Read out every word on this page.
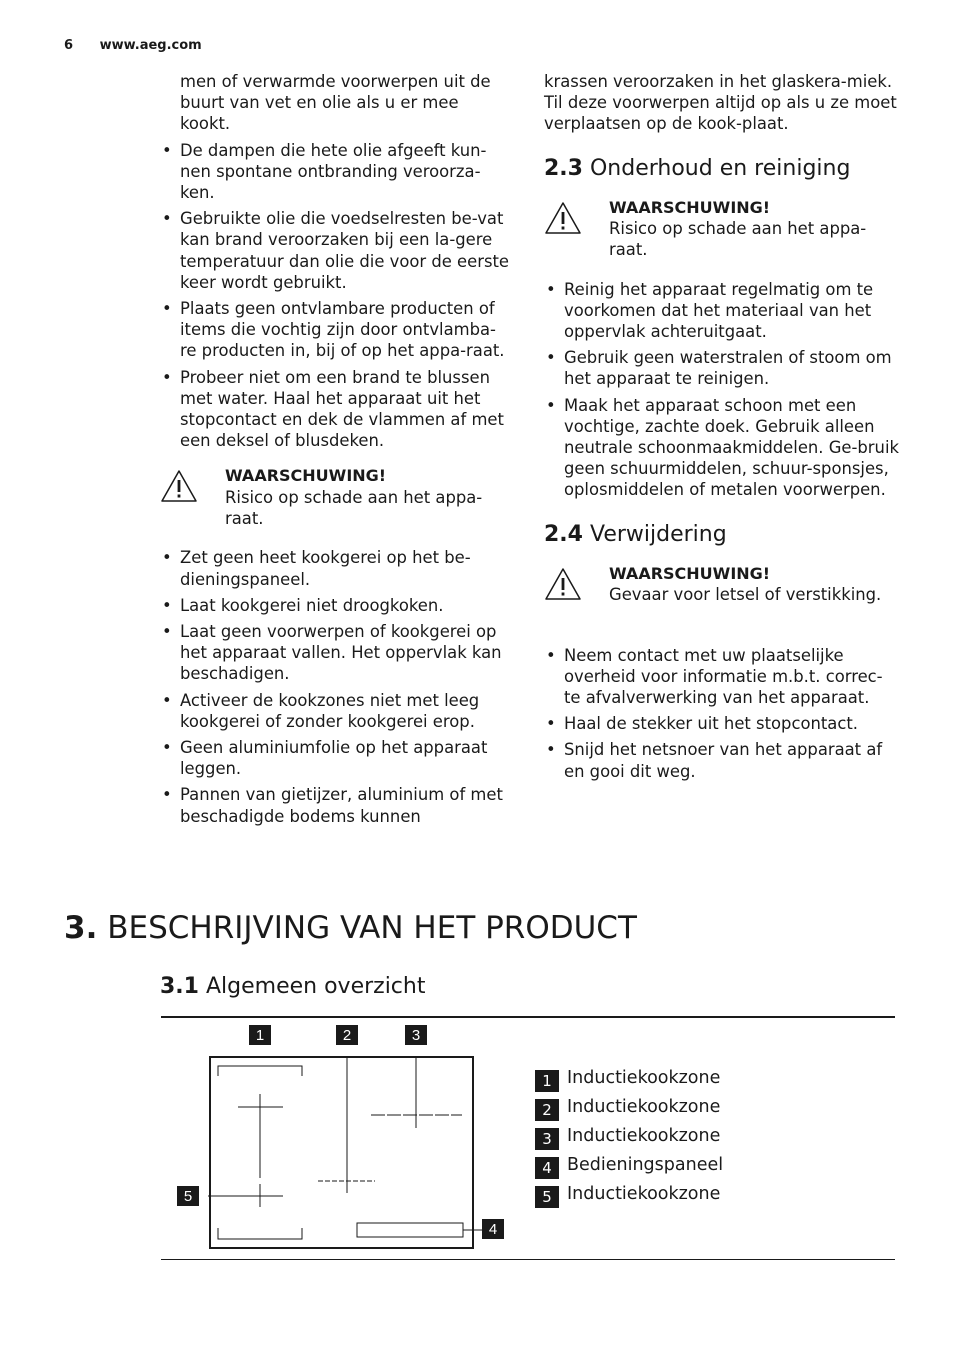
6 www.aeg.com

men of verwarmde voorwerpen uit de buurt van vet en olie als u er mee kookt.

• De dampen die hete olie afgeeft kun-nen spontane ontbranding veroorza-ken.
• Gebruikte olie die voedselresten be-vat kan brand veroorzaken bij een la-gere temperatuur dan olie die voor de eerste keer wordt gebruikt.
• Plaats geen ontvlambare producten of items die vochtig zijn door ontvlamba-re producten in, bij of op het appa-raat.
• Probeer niet om een brand te blussen met water. Haal het apparaat uit het stopcontact en dek de vlammen af met een deksel of blusdeken.
WAARSCHUWING!
Risico op schade aan het appa-raat.
• Zet geen heet kookgerei op het be-dieningspaneel.
• Laat kookgerei niet droogkoken.
• Laat geen voorwerpen of kookgerei op het apparaat vallen. Het oppervlak kan beschadigen.
• Activeer de kookzones niet met leeg kookgerei of zonder kookgerei erop.
• Geen aluminiumfolie op het apparaat leggen.
• Pannen van gietijzer, aluminium of met beschadigde bodems kunnen

krassen veroorzaken in het glaskera-miek. Til deze voorwerpen altijd op als u ze moet verplaatsen op de kook-plaat.

2.3 Onderhoud en reiniging
WAARSCHUWING!
Risico op schade aan het appa-raat.
• Reinig het apparaat regelmatig om te voorkomen dat het materiaal van het oppervlak achteruitgaat.
• Gebruik geen waterstralen of stoom om het apparaat te reinigen.
• Maak het apparaat schoon met een vochtige, zachte doek. Gebruik alleen neutrale schoonmaakmiddelen. Ge-bruik geen schuurmiddelen, schuur-sponsjes, oplosmiddelen of metalen voorwerpen.
2.4 Verwijdering
WAARSCHUWING!
Gevaar voor letsel of verstikking.
• Neem contact met uw plaatselijke overheid voor informatie m.b.t. correc-te afvalverwerking van het apparaat.
• Haal de stekker uit het stopcontact.
• Snijd het netsnoer van het apparaat af en gooi dit weg.
3. BESCHRIJVING VAN HET PRODUCT
3.1 Algemeen overzicht
1	2	3
4
5
1 Inductiekookzone
2 Inductiekookzone
3 Inductiekookzone
4 Bedieningspaneel
5 Inductiekookzone
